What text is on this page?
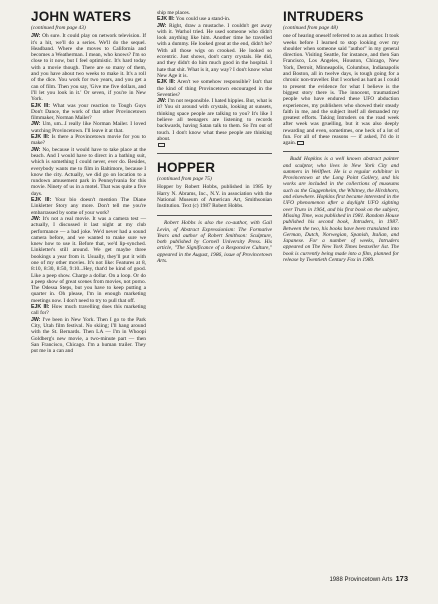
JOHN WATERS
(continued from page 43)

JW: Oh sure. It could play on network television. If it's a hit, we'll do a series. We'll do the sequel. Headband. Where she moves to California and becomes a Weatherman. I mean, who knows? I'm so close to it now, but I feel optimistic. It's hard today with a movie though. There are so many of them, and you have about two weeks to make it. It's a roll of the dice. You work for two years, and you get a can of film. Then you say, 'Give me five dollars, and I'll let you look in it.' Or seven, if you're in New York.

EJK III: What was your reaction to Tough Guys Don't Dance, the work of that other Provincetown filmmaker, Norman Mailer?

JW: Um, um...I really like Norman Mailer. I loved watching Provincetown. I'll leave it at that.

EJK III: Is there a Provincetown movie for you to make?

JW: No, because it would have to take place at the beach. And I would have to direct in a bathing suit, which is something I could never, ever do. Besides, everybody wants me to film in Baltimore, because I know the city. Actually, we did go on location to a rundown amusement park in Pennsylvania for this movie. Ninety of us in a motel. That was quite a five days.

EJK III: Your bio doesn't mention The Diane Linkletter Story any more. Don't tell me you're embarrassed by some of your work?

JW: It's not a real movie. It was a camera test — actually, I discussed it last night at my club performance — a bad joke. We'd never had a sound camera before, and we wanted to make sure we knew how to use it. Before that, we'd lip-synched. Linkletter's still around. We get maybe three bookings a year from it. Usually, they'll put it with one of my other movies. It's not like: Features at 8, 8:10, 8:30, 8:50, 9:10...Hey, that'd be kind of good. Like a peep show. Charge a dollar. On a loop. Or do a peep show of great scenes from movies, not porno. The Odessa Steps, but you have to keep putting a quarter in. Oh please, I'm in enough marketing meetings now. I don't need to try to pull that off.

EJK III: How much travelling does this marketing call for?

JW: I've been in New York. Then I go to the Park City, Utah film festival. No skiing; I'll hang around with the St. Bernards. Then LA — I'm in Whoopi Goldberg's new movie, a two-minute part — then San Francisco, Chicago. I'm a human trailer. They put me in a can and

ship me places.

EJK III: You could use a stand-in.

JW: Right, draw a mustache. I couldn't get away with it. Warhol tried. He used someone who didn't look anything like him. Another time he travelled with a dummy. He looked great at the end, didn't he? With all those wigs on crooked. He looked so eccentric. Just shows, don't carry crystals. He did, and they didn't do him much good in the hospital. I hate that shit. What is it, any way? I don't know what New Age it is.

EJK III: Aren't we somehow responsible? Isn't that the kind of thing Provincetown encouraged in the Seventies?

JW: I'm not responsible. I hated hippies. But, what is it? You sit around with crystals, looking at sunsets, thinking space people are talking to you? It's like I believe all teenagers are listening to records backwards, having Satan talk to them. So I'm out of touch. I don't know what these people are thinking about.

HOPPER
(continued from page 75)

Hopper by Robert Hobbs, published in 1985 by Harry N. Abrams, Inc., N.Y. in association with the National Museum of American Art, Smithsonian Institution. Text (c) 1987 Robert Hobbs.

Robert Hobbs is also the co-author, with Gail Levin, of Abstract Expressionism: The Formative Years and author of Robert Smithson: Sculpture, both published by Cornell University Press. His article, "The Significance of a Responsive Culture," appeared in the August, 1986, issue of Provincetown Arts.

INTRUDERS
(continued from page 48)

one of hearing oneself referred to as an author. It took weeks before I learned to stop looking over my shoulder when someone said "author" in my general direction. Visiting Seattle, for instance, and then San Francisco, Los Angeles, Houston, Chicago, New York, Detroit, Minneapolis, Columbus, Indianapolis and Boston, all in twelve days, is tough going for a chronic non-traveller. But I worked as hard as I could to present the evidence for what I believe is the biggest story there is. The innocent, traumatized people who have endured these UFO abduction experiences, my publishers who showed their steady faith in me, and the subject itself all demanded my greatest efforts. Taking Intruders on the road week after week was gruelling, but it was also deeply rewarding and even, sometimes, one heck of a lot of fun. For all of these reasons — if asked, I'd do it again.

Budd Hopkins is a well known abstract painter and sculptor, who lives in New York City and summers in Wellfleet. He is a regular exhibitor in Provincetown at the Long Point Gallery, and his works are included in the collections of museums such as the Guggenheim, the Whitney, the Hirshhorn, and elsewhere. Hopkins first became interested in the UFO phenomenon after a daylight UFO sighting over Truro in 1964, and his first book on the subject, Missing Time, was published in 1981. Random House published his second book, Intruders, in 1987. Between the two, his books have been translated into German, Dutch, Norwegian, Spanish, Italian, and Japanese. For a number of weeks, Intruders appeared on The New York Times bestseller list. The book is currently being made into a film, planned for release by Twentieth Century Fox in 1989.

1988 Provincetown Arts 173
